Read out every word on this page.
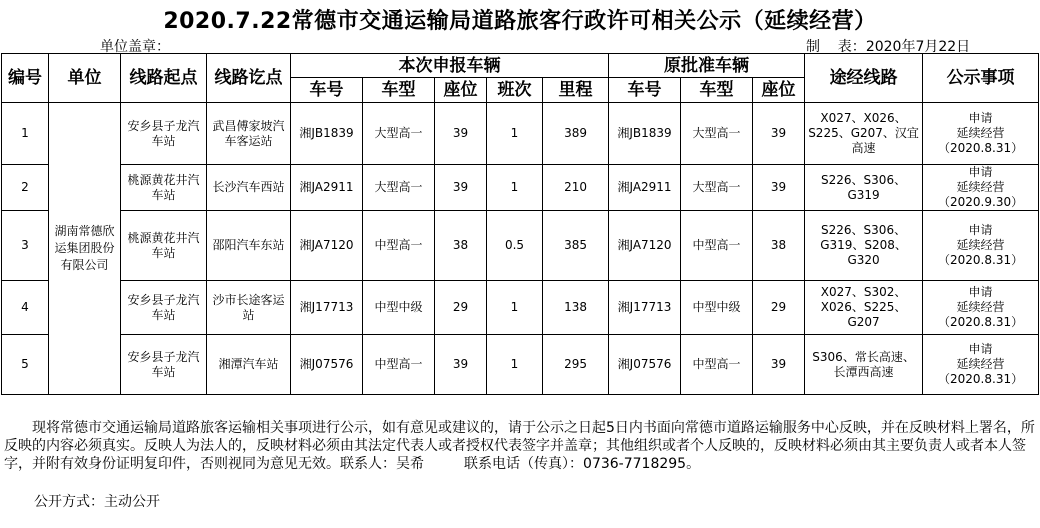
2020.7.22常德市交通运输局道路旅客行政许可相关公示（延续经营）
单位盖章：	制    表：2020年7月22日
编号	单位	线路起点	线路讫点	本次申报车辆					原批准车辆			途经线路	公示事项
				车号	车型	座位	班次	里程	车号	车型	座位		
1	湖南常德欣运集团股份有限公司	安乡县子龙汽车站	武昌傅家坡汽车客运站	湘JB1839	大型高一	39	1	389	湘JB1839	大型高一	39	X027、X026、S225、G207、汉宜高速	申请
延续经营
（2020.8.31）
2		桃源黄花井汽车站	长沙汽车西站	湘JA2911	大型高一	39	1	210	湘JA2911	大型高一	39	S226、S306、G319	申请
延续经营
（2020.9.30）
3		桃源黄花井汽车站	邵阳汽车东站	湘JA7120	中型高一	38	0.5	385	湘JA7120	中型高一	38	S226、S306、G319、S208、G320	申请
延续经营
（2020.8.31）
4		安乡县子龙汽车站	沙市长途客运站	湘J17713	中型中级	29	1	138	湘J17713	中型中级	29	X027、S302、X026、S225、G207	申请
延续经营
（2020.8.31）
5		安乡县子龙汽车站	湘潭汽车站	湘J07576	中型高一	39	1	295	湘J07576	中型高一	39	S306、常长高速、长潭西高速	申请
延续经营
（2020.8.31）
现将常德市交通运输局道路旅客运输相关事项进行公示，如有意见或建议的，请于公示之日起5日内书面向常德市道路运输服务中心反映，并在反映材料上署名，所反映的内容必须真实。反映人为法人的，反映材料必须由其法定代表人或者授权代表签字并盖章；其他组织或者个人反映的，反映材料必须由其主要负责人或者本人签字，并附有效身份证明复印件，否则视同为意见无效。联系人：吴希         联系电话（传真）：0736-7718295。
公开方式：主动公开
